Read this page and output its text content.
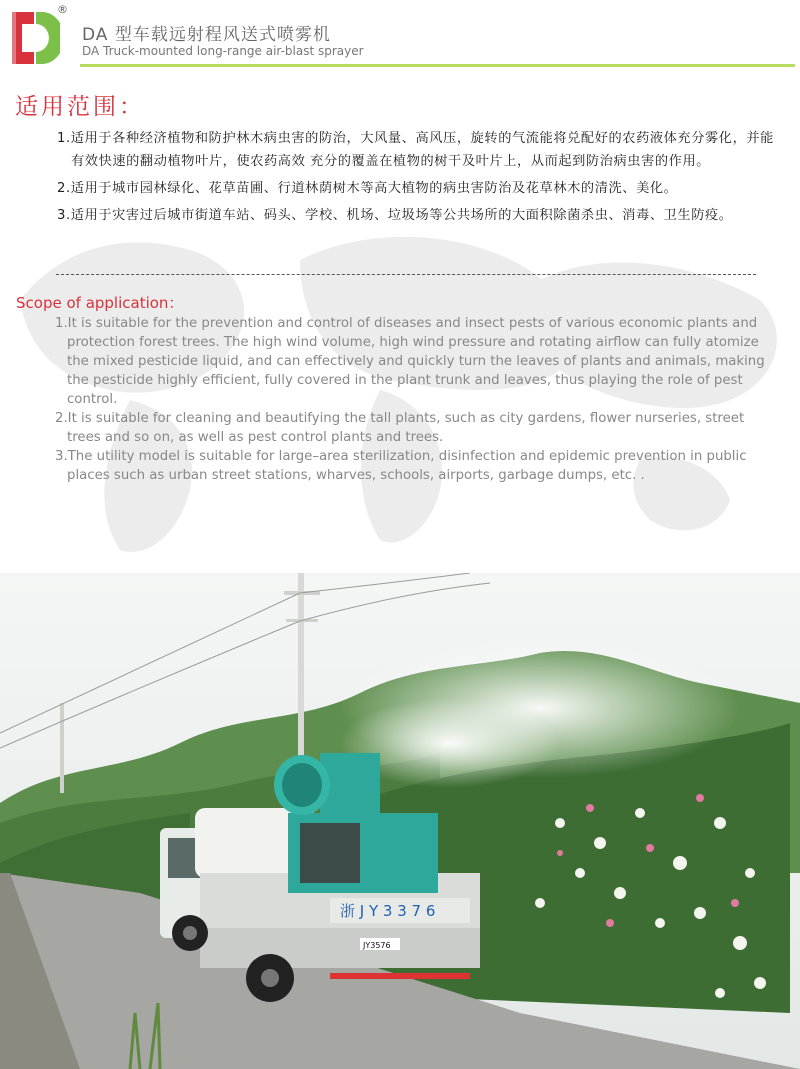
®
DA 型车载远射程风送式喷雾机
DA Truck-mounted long-range air-blast sprayer
适用范围：
1.适用于各种经济植物和防护林木病虫害的防治，大风量、高风压，旋转的气流能将兑配好的农药液体充分雾化，并能有效快速的翻动植物叶片，使农药高效 充分的覆盖在植物的树干及叶片上，从而起到防治病虫害的作用。
2.适用于城市园林绿化、花草苗圃、行道林荫树木等高大植物的病虫害防治及花草林木的清洗、美化。
3.适用于灾害过后城市街道车站、码头、学校、机场、垃圾场等公共场所的大面积除菌杀虫、消毒、卫生防疫。
Scope of application：
1.It is suitable for the prevention and control of diseases and insect pests of various economic plants and protection forest trees. The high wind volume, high wind pressure and rotating airflow can fully atomize the mixed pesticide liquid, and can effectively and quickly turn the leaves of plants and animals, making the pesticide highly efficient, fully covered in the plant trunk and leaves, thus playing the role of pest control.
2.It is suitable for cleaning and beautifying the tall plants, such as city gardens, flower nurseries, street trees and so on, as well as pest control plants and trees.
3.The utility model is suitable for large–area sterilization, disinfection and epidemic prevention in public places such as urban street stations, wharves, schools, airports, garbage dumps, etc. .
浙 J Y 3 3 7 6
JY3576
